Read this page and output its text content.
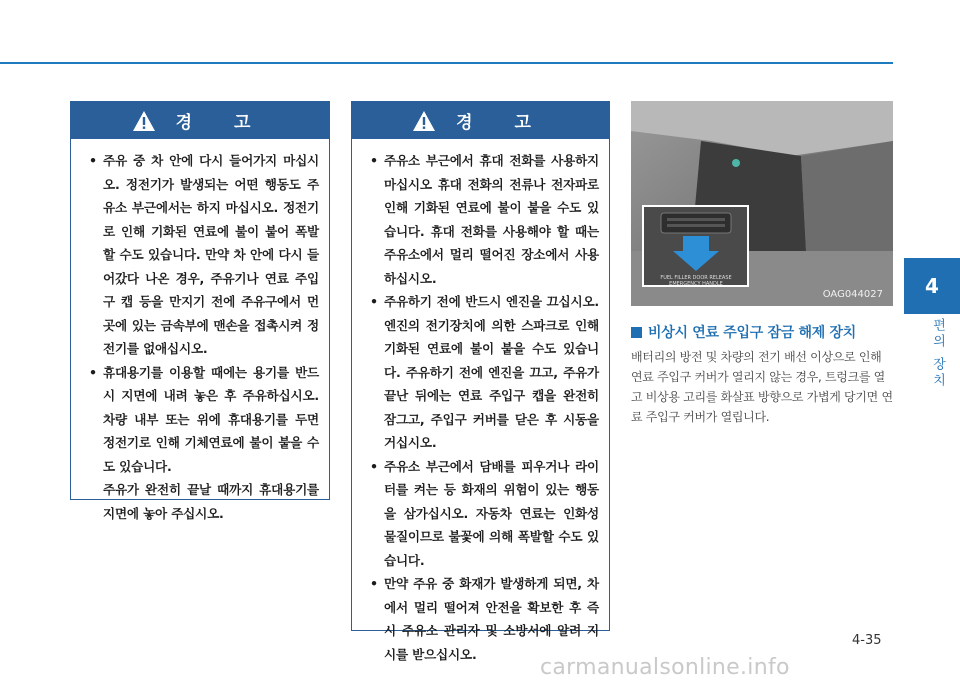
경 고
• 주유 중 차 안에 다시 들어가지 마십시오. 정전기가 발생되는 어떤 행동도 주유소 부근에서는 하지 마십시오. 정전기로 인해 기화된 연료에 불이 붙어 폭발할 수도 있습니다. 만약 차 안에 다시 들어갔다 나온 경우, 주유기나 연료 주입구 캡 등을 만지기 전에 주유구에서 먼 곳에 있는 금속부에 맨손을 접촉시켜 정전기를 없애십시오.
• 휴대용기를 이용할 때에는 용기를 반드시 지면에 내려 놓은 후 주유하십시오. 차량 내부 또는 위에 휴대용기를 두면 정전기로 인해 기체연료에 불이 붙을 수도 있습니다.
주유가 완전히 끝날 때까지 휴대용기를 지면에 놓아 주십시오.
경 고
• 주유소 부근에서 휴대 전화를 사용하지 마십시오 휴대 전화의 전류나 전자파로 인해 기화된 연료에 불이 붙을 수도 있습니다. 휴대 전화를 사용해야 할 때는 주유소에서 멀리 떨어진 장소에서 사용하십시오.
• 주유하기 전에 반드시 엔진을 끄십시오. 엔진의 전기장치에 의한 스파크로 인해 기화된 연료에 불이 붙을 수도 있습니다. 주유하기 전에 엔진을 끄고, 주유가 끝난 뒤에는 연료 주입구 캡을 완전히 잠그고, 주입구 커버를 닫은 후 시동을 거십시오.
• 주유소 부근에서 담배를 피우거나 라이터를 켜는 등 화재의 위험이 있는 행동을 삼가십시오. 자동차 연료는 인화성 물질이므로 불꽃에 의해 폭발할 수도 있습니다.
• 만약 주유 중 화재가 발생하게 되면, 차에서 멀리 떨어져 안전을 확보한 후 즉시 주유소 관리자 및 소방서에 알려 지시를 받으십시오.
FUEL FILLER DOOR RELEASE
EMERGENCY HANDLE
OAG044027
비상시 연료 주입구 잠금 해제 장치
배터리의 방전 및 차량의 전기 배선 이상으로 인해 연료 주입구 커버가 열리지 않는 경우, 트렁크를 열고 비상용 고리를 화살표 방향으로 가볍게 당기면 연료 주입구 커버가 열립니다.
4
편의 장치
4-35
carmanualsonline.info
